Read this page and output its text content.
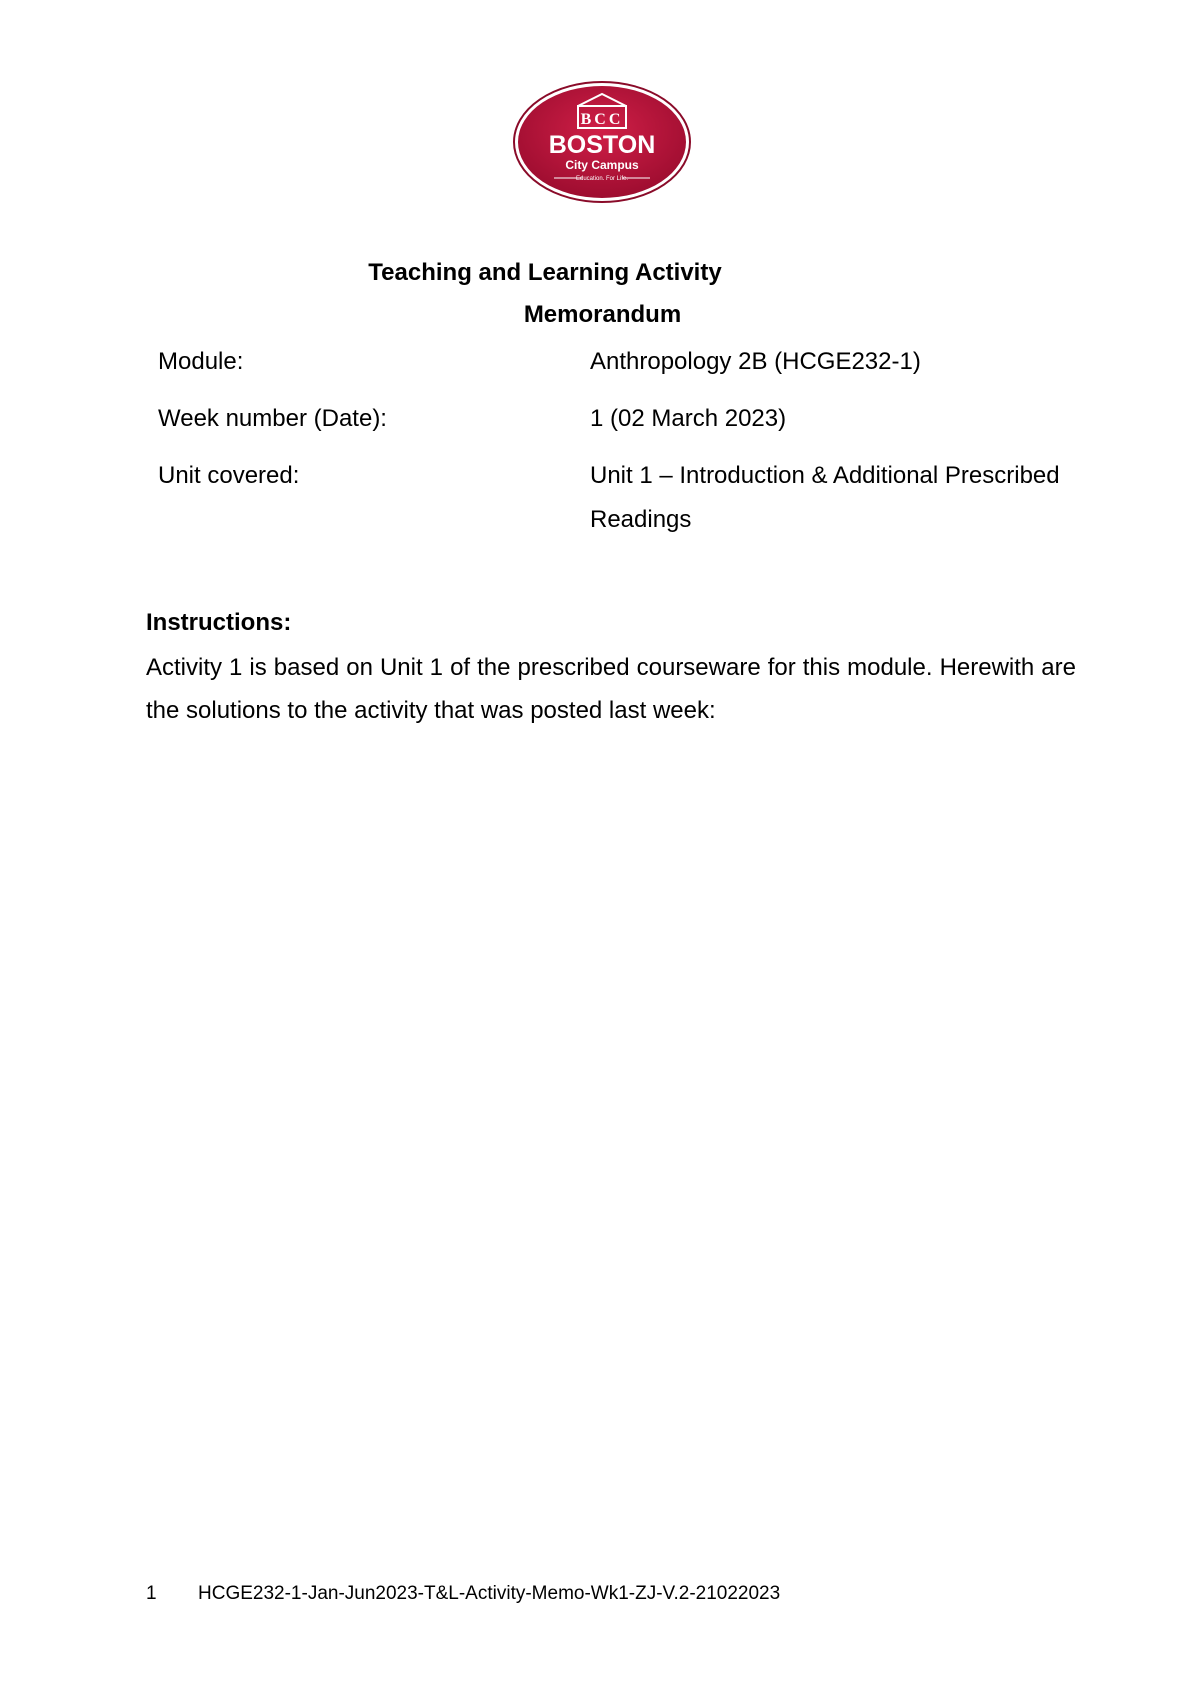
BCC
BOSTON
City Campus
Education. For Life.
Teaching and Learning Activity
Memorandum
Module:	Anthropology 2B (HCGE232-1)
Week number (Date):	1 (02 March 2023)
Unit covered:	Unit 1 – Introduction & Additional Prescribed Readings
Instructions:
Activity 1 is based on Unit 1 of the prescribed courseware for this module. Herewith are the solutions to the activity that was posted last week:
1 HCGE232-1-Jan-Jun2023-T&L-Activity-Memo-Wk1-ZJ-V.2-21022023
